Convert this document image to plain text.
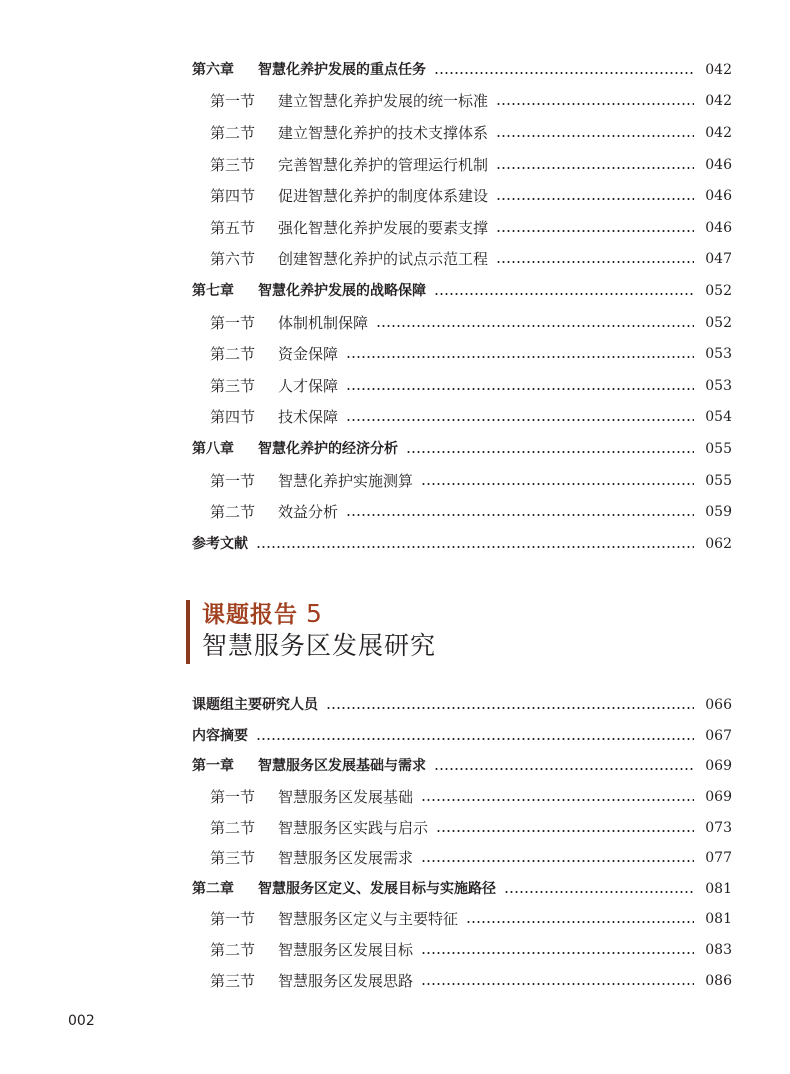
第六章	智慧化养护发展的重点任务	042
第一节	建立智慧化养护发展的统一标准	042
第二节	建立智慧化养护的技术支撑体系	042
第三节	完善智慧化养护的管理运行机制	046
第四节	促进智慧化养护的制度体系建设	046
第五节	强化智慧化养护发展的要素支撑	046
第六节	创建智慧化养护的试点示范工程	047
第七章	智慧化养护发展的战略保障	052
第一节	体制机制保障	052
第二节	资金保障	053
第三节	人才保障	053
第四节	技术保障	054
第八章	智慧化养护的经济分析	055
第一节	智慧化养护实施测算	055
第二节	效益分析	059
参考文献	062
课题报告 5
智慧服务区发展研究
课题组主要研究人员	066
内容摘要	067
第一章	智慧服务区发展基础与需求	069
第一节	智慧服务区发展基础	069
第二节	智慧服务区实践与启示	073
第三节	智慧服务区发展需求	077
第二章	智慧服务区定义、发展目标与实施路径	081
第一节	智慧服务区定义与主要特征	081
第二节	智慧服务区发展目标	083
第三节	智慧服务区发展思路	086
002
